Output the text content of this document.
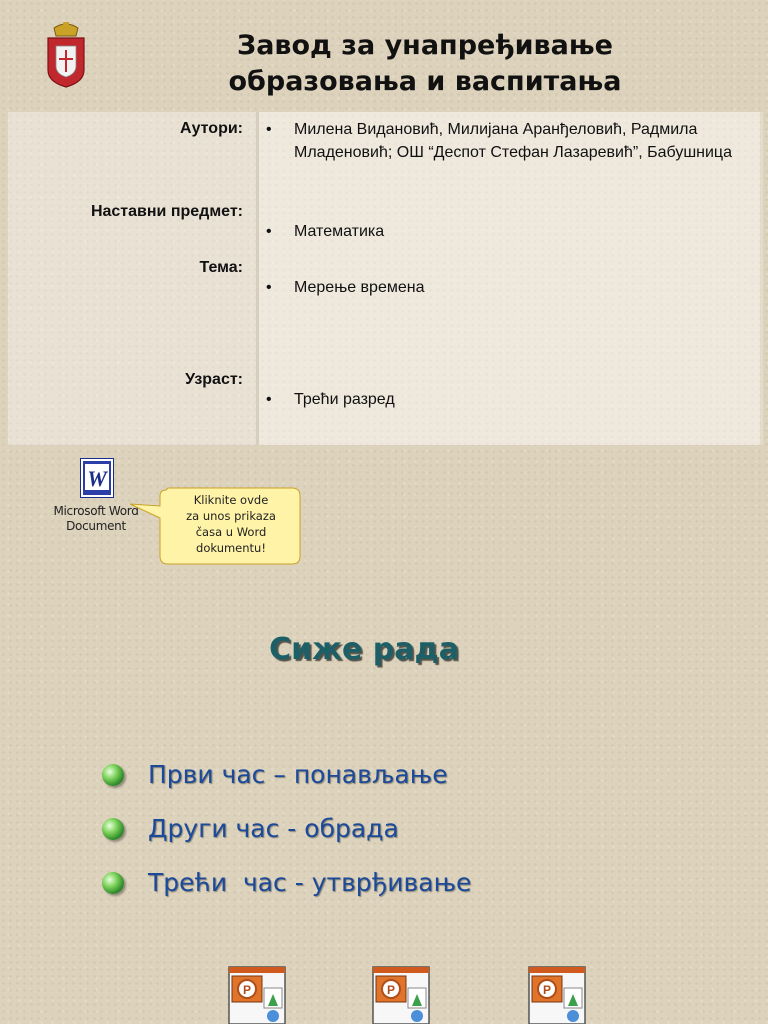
Завод за унапређивање
образовања и васпитања
Аутори: • Милена Видановић, Милијана Аранђеловић, Радмила Младеновић; ОШ “Деспот Стефан Лазаревић”, Бабушница
Наставни предмет:
• Математика
Тема:
• Мерење времена
Узраст:
• Трећи разред
W
Microsoft Word
Document
Kliknite ovde
za unos prikaza
časa u Word
dokumentu!
Сиже рада

Први час – понављање

Други час - обрада

Трећи  час - утврђивање

P	P	P
